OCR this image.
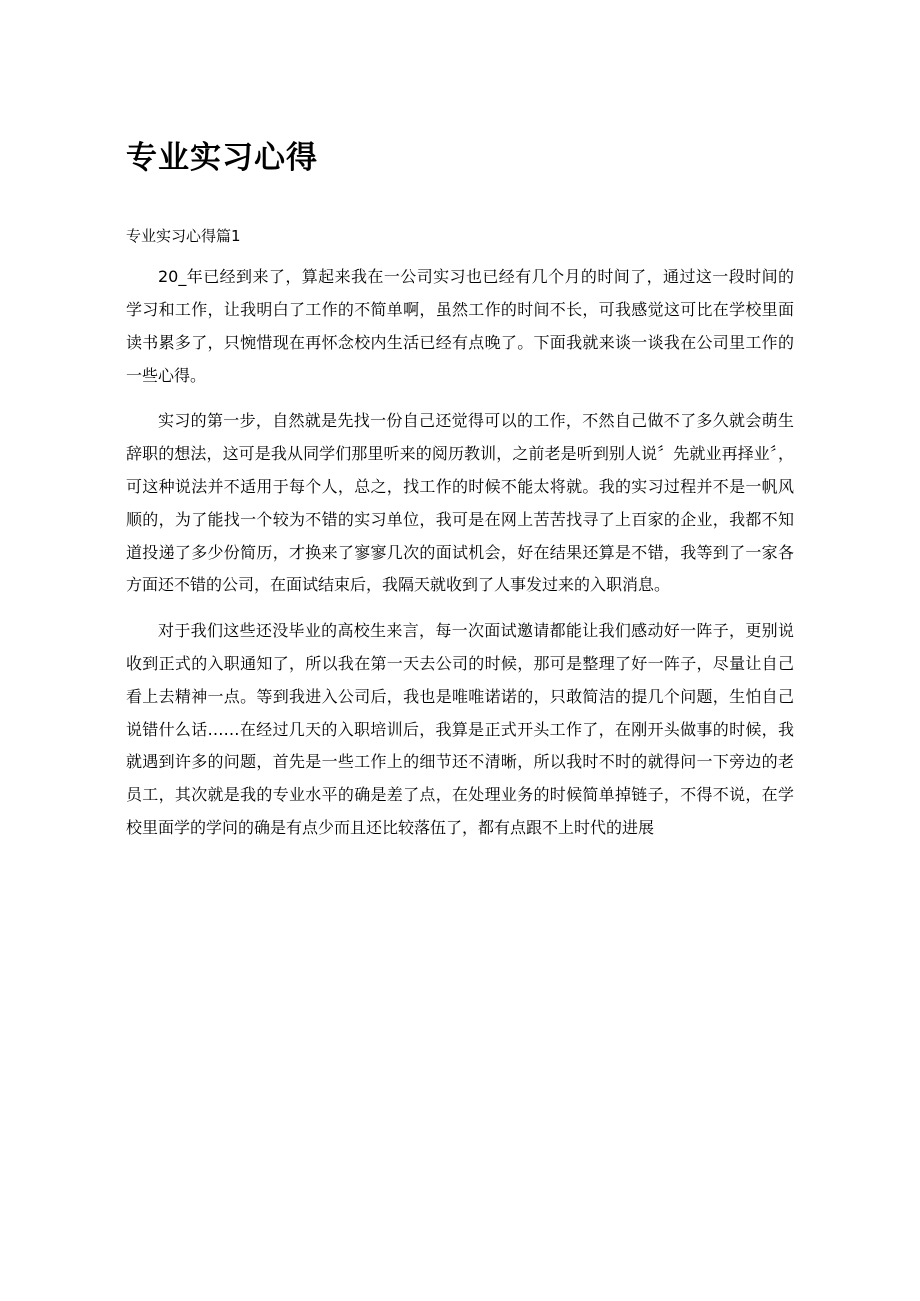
专业实习心得

专业实习心得篇1

20_年已经到来了，算起来我在一公司实习也已经有几个月的时间了，通过这一段时间的学习和工作，让我明白了工作的不简单啊，虽然工作的时间不长，可我感觉这可比在学校里面读书累多了，只惋惜现在再怀念校内生活已经有点晚了。下面我就来谈一谈我在公司里工作的一些心得。

实习的第一步，自然就是先找一份自己还觉得可以的工作，不然自己做不了多久就会萌生辞职的想法，这可是我从同学们那里听来的阅历教训，之前老是听到别人说〞先就业再择业〞，可这种说法并不适用于每个人，总之，找工作的时候不能太将就。我的实习过程并不是一帆风顺的，为了能找一个较为不错的实习单位，我可是在网上苦苦找寻了上百家的企业，我都不知道投递了多少份简历，才换来了寥寥几次的面试机会，好在结果还算是不错，我等到了一家各方面还不错的公司，在面试结束后，我隔天就收到了人事发过来的入职消息。

对于我们这些还没毕业的高校生来言，每一次面试邀请都能让我们感动好一阵子，更别说收到正式的入职通知了，所以我在第一天去公司的时候，那可是整理了好一阵子，尽量让自己看上去精神一点。等到我进入公司后，我也是唯唯诺诺的，只敢简洁的提几个问题，生怕自己说错什么话……在经过几天的入职培训后，我算是正式开头工作了，在刚开头做事的时候，我就遇到许多的问题，首先是一些工作上的细节还不清晰，所以我时不时的就得问一下旁边的老员工，其次就是我的专业水平的确是差了点，在处理业务的时候简单掉链子，不得不说，在学校里面学的学问的确是有点少而且还比较落伍了，都有点跟不上时代的进展
